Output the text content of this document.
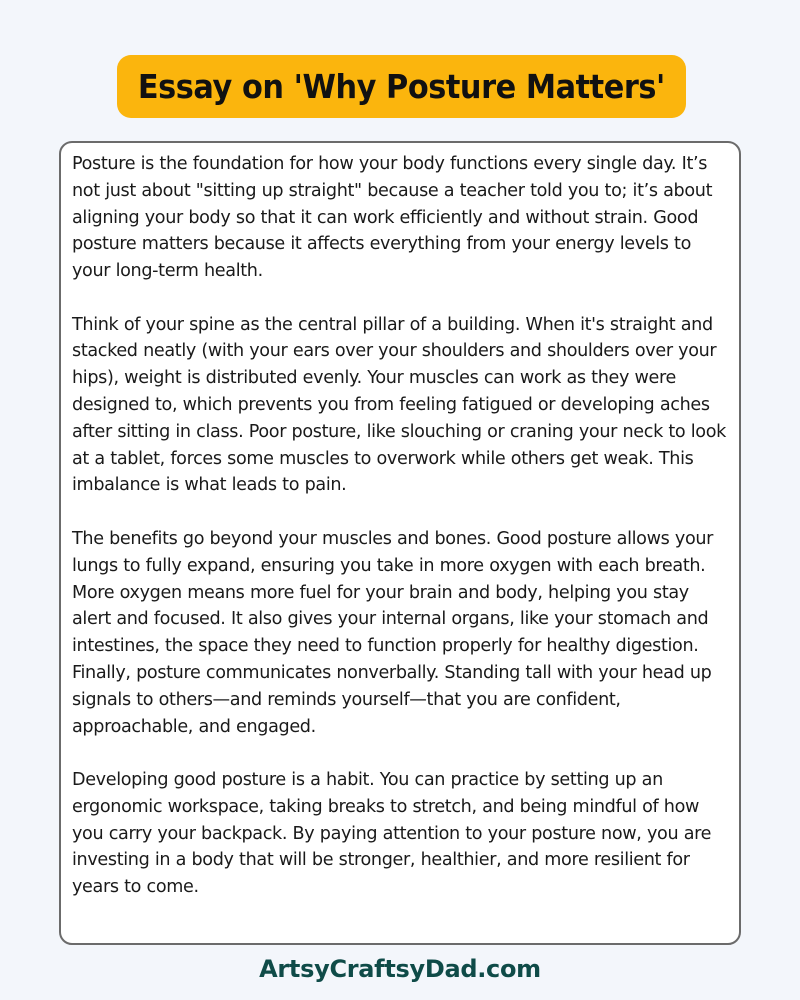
Essay on 'Why Posture Matters'

Posture is the foundation for how your body functions every single day. It’s not just about "sitting up straight" because a teacher told you to; it’s about aligning your body so that it can work efficiently and without strain. Good posture matters because it affects everything from your energy levels to your long-term health.

Think of your spine as the central pillar of a building. When it's straight and stacked neatly (with your ears over your shoulders and shoulders over your hips), weight is distributed evenly. Your muscles can work as they were designed to, which prevents you from feeling fatigued or developing aches after sitting in class. Poor posture, like slouching or craning your neck to look at a tablet, forces some muscles to overwork while others get weak. This imbalance is what leads to pain.

The benefits go beyond your muscles and bones. Good posture allows your lungs to fully expand, ensuring you take in more oxygen with each breath. More oxygen means more fuel for your brain and body, helping you stay alert and focused. It also gives your internal organs, like your stomach and intestines, the space they need to function properly for healthy digestion. Finally, posture communicates nonverbally. Standing tall with your head up signals to others—and reminds yourself—that you are confident, approachable, and engaged.

Developing good posture is a habit. You can practice by setting up an ergonomic workspace, taking breaks to stretch, and being mindful of how you carry your backpack. By paying attention to your posture now, you are investing in a body that will be stronger, healthier, and more resilient for years to come.

ArtsyCraftsyDad.com
